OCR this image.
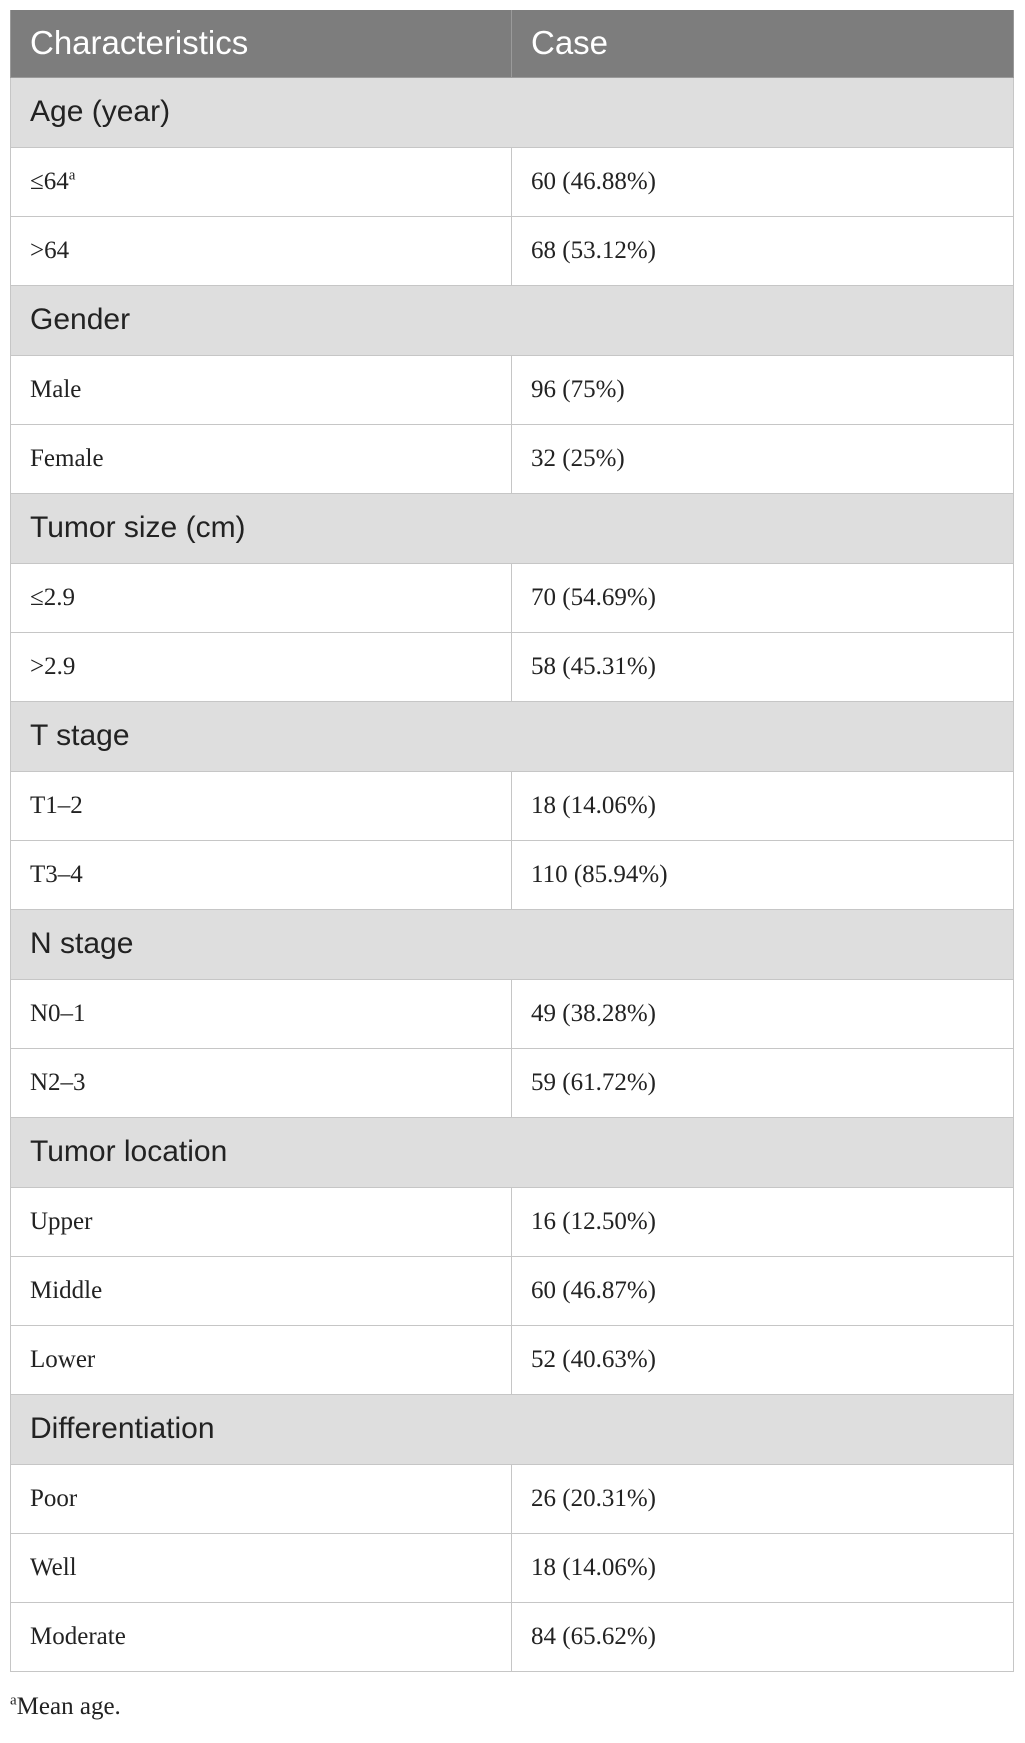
Characteristics	Case
Age (year)	
$\le 64^a$	60 (46.88%)
>64	68 (53.12%)
Gender	
Male	96 (75%)
Female	32 (25%)
Tumor size (cm)	
≤2.9	70 (54.69%)
>2.9	58 (45.31%)
T stage	
T1–2	18 (14.06%)
T3–4	110 (85.94%)
N stage	
N0–1	49 (38.28%)
N2–3	59 (61.72%)
Tumor location	
Upper	16 (12.50%)
Middle	60 (46.87%)
Lower	52 (40.63%)
Differentiation	
Poor	26 (20.31%)
Well	18 (14.06%)
Moderate	84 (65.62%)
$^a$Mean age.
